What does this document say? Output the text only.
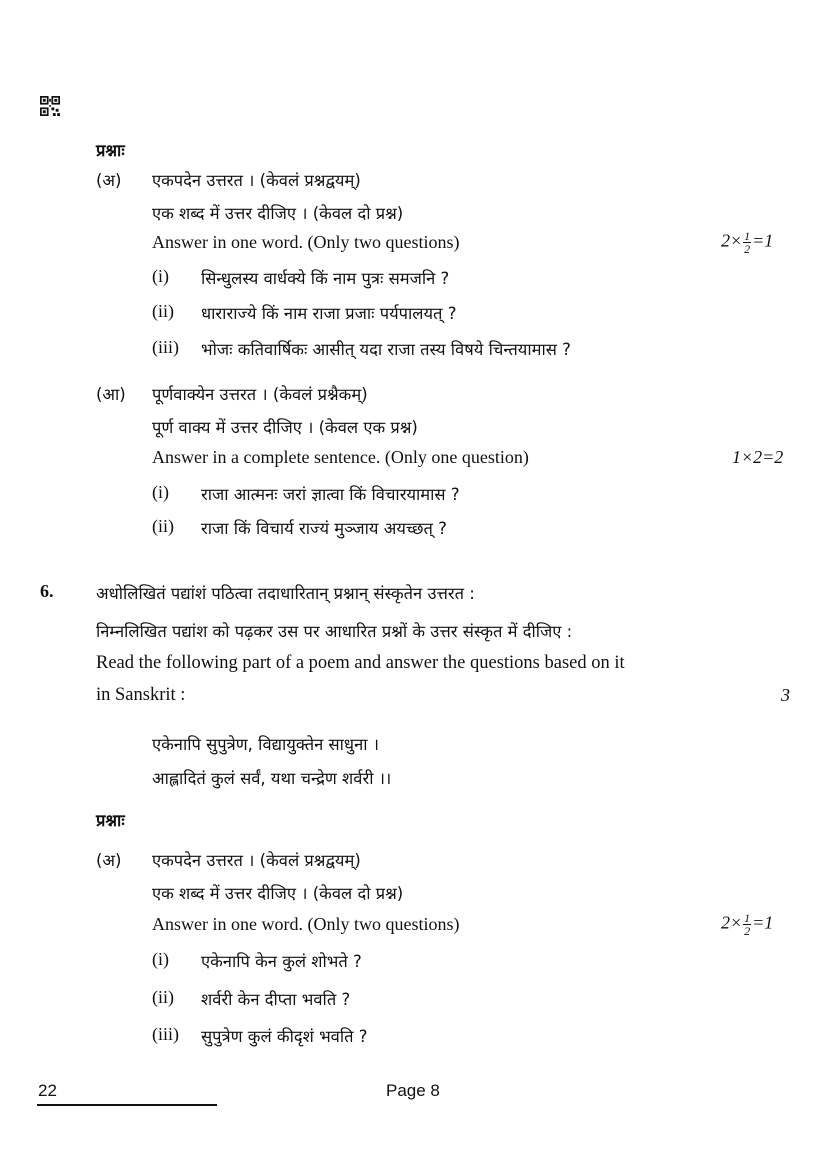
प्रश्नाः
(अ) एकपदेन उत्तरत । (केवलं प्रश्नद्वयम्)
एक शब्द में उत्तर दीजिए । (केवल दो प्रश्न)
Answer in one word. (Only two questions)	$2\times \frac{1}{2} =1$
(i) सिन्धुलस्य वार्धक्ये किं नाम पुत्रः समजनि ?
(ii) धाराराज्ये किं नाम राजा प्रजाः पर्यपालयत् ?
(iii) भोजः कतिवार्षिकः आसीत् यदा राजा तस्य विषये चिन्तयामास ?
(आ) पूर्णवाक्येन उत्तरत । (केवलं प्रश्नैकम्)
पूर्ण वाक्य में उत्तर दीजिए । (केवल एक प्रश्न)
Answer in a complete sentence. (Only one question)	1×2=2
(i) राजा आत्मनः जरां ज्ञात्वा किं विचारयामास ?
(ii) राजा किं विचार्य राज्यं मुञ्जाय अयच्छत् ?
6.	अधोलिखितं पद्यांशं पठित्वा तदाधारितान् प्रश्नान् संस्कृतेन उत्तरत :
निम्नलिखित पद्यांश को पढ़कर उस पर आधारित प्रश्नों के उत्तर संस्कृत में दीजिए :
Read the following part of a poem and answer the questions based on it
in Sanskrit :	3
एकेनापि सुपुत्रेण, विद्यायुक्तेन साधुना ।
आह्लादितं कुलं सर्वं, यथा चन्द्रेण शर्वरी ।।
प्रश्नाः
(अ) एकपदेन उत्तरत । (केवलं प्रश्नद्वयम्)
एक शब्द में उत्तर दीजिए । (केवल दो प्रश्न)
Answer in one word. (Only two questions)	$2\times \frac{1}{2} =1$
(i) एकेनापि केन कुलं शोभते ?
(ii) शर्वरी केन दीप्ता भवति ?
(iii) सुपुत्रेण कुलं कीदृशं भवति ?
22	Page 8
